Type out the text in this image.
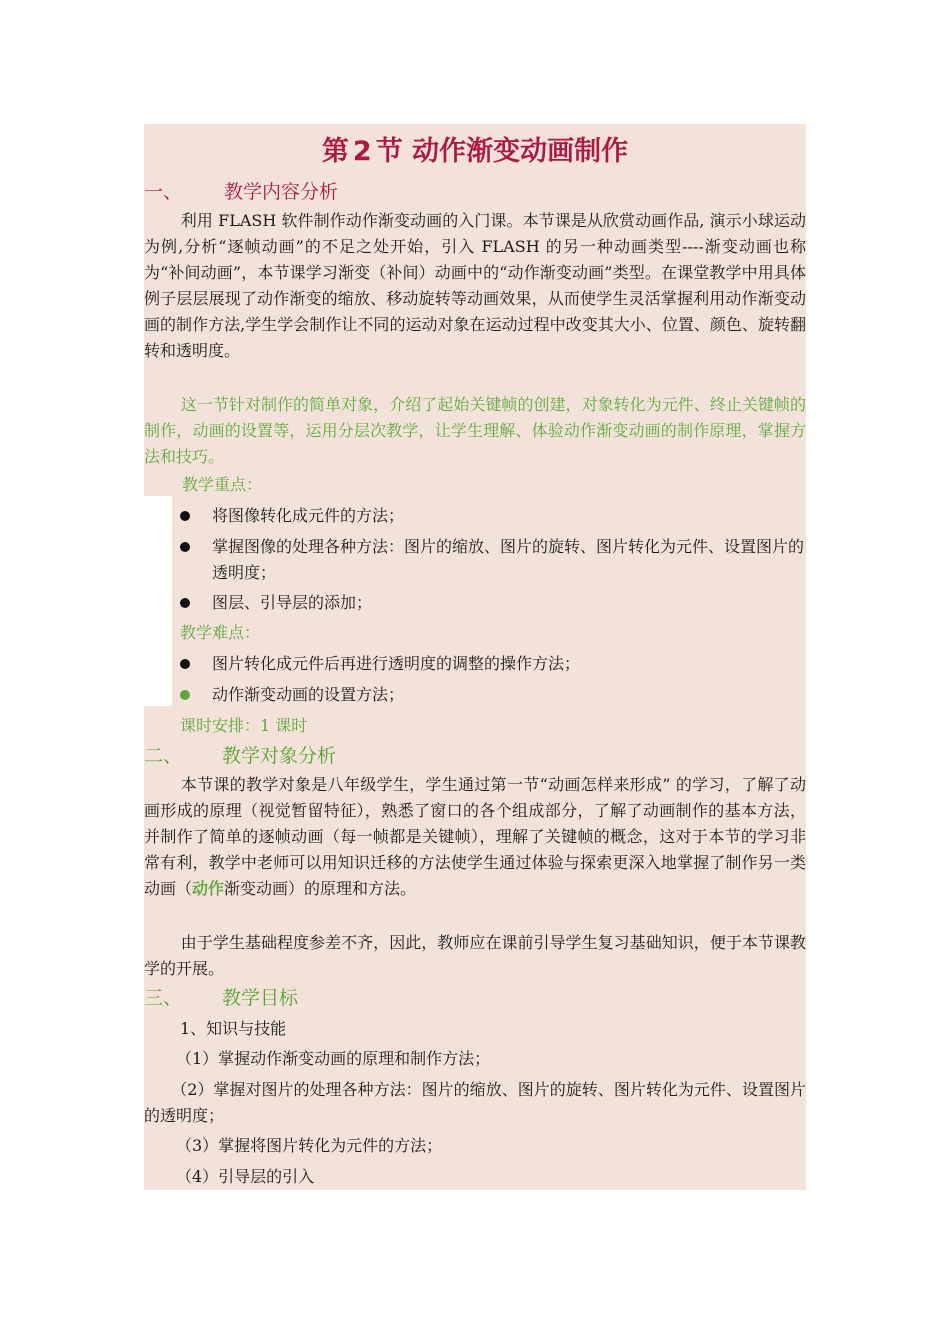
第 2 节 动作渐变动画制作
一、 教学内容分析

利用 FLASH 软件制作动作渐变动画的入门课。本节课是从欣赏动画作品, 演示小球运动为例,分析“逐帧动画”的不足之处开始，引入 FLASH 的另一种动画类型----渐变动画也称为“补间动画”，本节课学习渐变（补间）动画中的“动作渐变动画”类型。在课堂教学中用具体例子层层展现了动作渐变的缩放、移动旋转等动画效果，从而使学生灵活掌握利用动作渐变动画的制作方法,学生学会制作让不同的运动对象在运动过程中改变其大小、位置、颜色、旋转翻转和透明度。

这一节针对制作的简单对象，介绍了起始关键帧的创建，对象转化为元件、终止关键帧的制作，动画的设置等，运用分层次教学，让学生理解、体验动作渐变动画的制作原理，掌握方法和技巧。

教学重点：
将图像转化成元件的方法；
掌握图像的处理各种方法：图片的缩放、图片的旋转、图片转化为元件、设置图片的透明度；
图层、引导层的添加；
教学难点：
图片转化成元件后再进行透明度的调整的操作方法；
动作渐变动画的设置方法；
课时安排：1 课时
二、 教学对象分析

本节课的教学对象是八年级学生，学生通过第一节“动画怎样来形成” 的学习，了解了动画形成的原理（视觉暂留特征），熟悉了窗口的各个组成部分，了解了动画制作的基本方法，并制作了简单的逐帧动画（每一帧都是关键帧），理解了关键帧的概念，这对于本节的学习非常有利，教学中老师可以用知识迁移的方法使学生通过体验与探索更深入地掌握了制作另一类动画（动作渐变动画）的原理和方法。

由于学生基础程度参差不齐，因此，教师应在课前引导学生复习基础知识，便于本节课教学的开展。

三、 教学目标
1、知识与技能
（1）掌握动作渐变动画的原理和制作方法；

（2）掌握对图片的处理各种方法：图片的缩放、图片的旋转、图片转化为元件、设置图片的透明度；

（3）掌握将图片转化为元件的方法；
（4）引导层的引入
